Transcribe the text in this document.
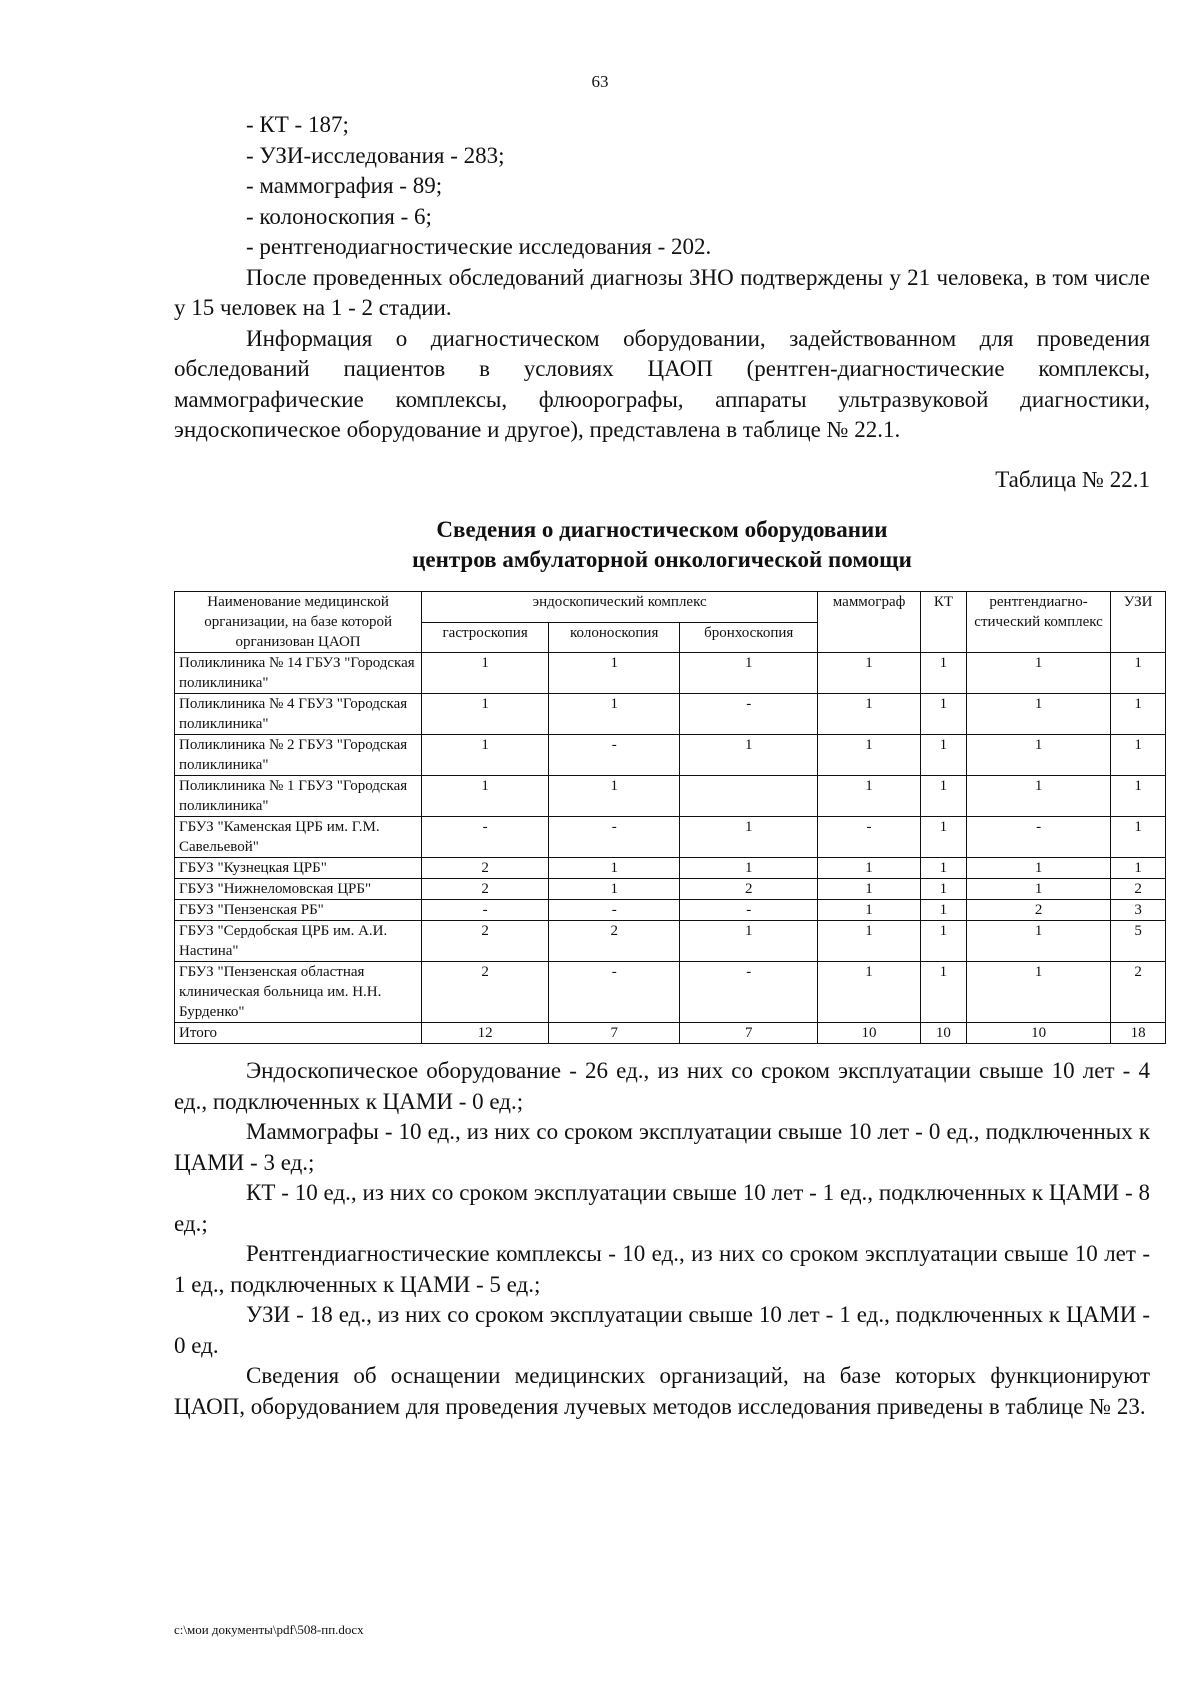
63
- КТ - 187;
- УЗИ-исследования - 283;
- маммография - 89;
- колоноскопия - 6;
- рентгенодиагностические исследования - 202.
После проведенных обследований диагнозы ЗНО подтверждены у 21 человека, в том числе у 15 человек на 1 - 2 стадии.
Информация о диагностическом оборудовании, задействованном для проведения обследований пациентов в условиях ЦАОП (рентген-диагностические комплексы, маммографические комплексы, флюорографы, аппараты ультразвуковой диагностики, эндоскопическое оборудование и другое), представлена в таблице № 22.1.
Таблица № 22.1
Сведения о диагностическом оборудовании
центров амбулаторной онкологической помощи
Наименование медицинской организации, на базе которой организован ЦАОП	эндоскопический комплекс			маммограф	КТ	рентгендиагно-стический комплекс	УЗИ
	гастроскопия	колоноскопия	бронхоскопия				
Поликлиника № 14 ГБУЗ "Городская поликлиника"	1	1	1	1	1	1	1
Поликлиника № 4 ГБУЗ "Городская поликлиника"	1	1	-	1	1	1	1
Поликлиника № 2 ГБУЗ "Городская поликлиника"	1	-	1	1	1	1	1
Поликлиника № 1 ГБУЗ "Городская поликлиника"	1	1		1	1	1	1
ГБУЗ "Каменская ЦРБ им. Г.М. Савельевой"	-	-	1	-	1	-	1
ГБУЗ "Кузнецкая ЦРБ"	2	1	1	1	1	1	1
ГБУЗ "Нижнеломовская ЦРБ"	2	1	2	1	1	1	2
ГБУЗ "Пензенская РБ"	-	-	-	1	1	2	3
ГБУЗ "Сердобская ЦРБ им. А.И. Настина"	2	2	1	1	1	1	5
ГБУЗ "Пензенская областная клиническая больница им. Н.Н. Бурденко"	2	-	-	1	1	1	2
Итого	12	7	7	10	10	10	18
Эндоскопическое оборудование - 26 ед., из них со сроком эксплуатации свыше 10 лет - 4 ед., подключенных к ЦАМИ - 0 ед.;
Маммографы - 10 ед., из них со сроком эксплуатации свыше 10 лет - 0 ед., подключенных к ЦАМИ - 3 ед.;
КТ - 10 ед., из них со сроком эксплуатации свыше 10 лет - 1 ед., подключенных к ЦАМИ - 8 ед.;
Рентгендиагностические комплексы - 10 ед., из них со сроком эксплуатации свыше 10 лет - 1 ед., подключенных к ЦАМИ - 5 ед.;
УЗИ - 18 ед., из них со сроком эксплуатации свыше 10 лет - 1 ед., подключенных к ЦАМИ - 0 ед.
Сведения об оснащении медицинских организаций, на базе которых функционируют ЦАОП, оборудованием для проведения лучевых методов исследования приведены в таблице № 23.
c:\мои документы\pdf\508-пп.docx
